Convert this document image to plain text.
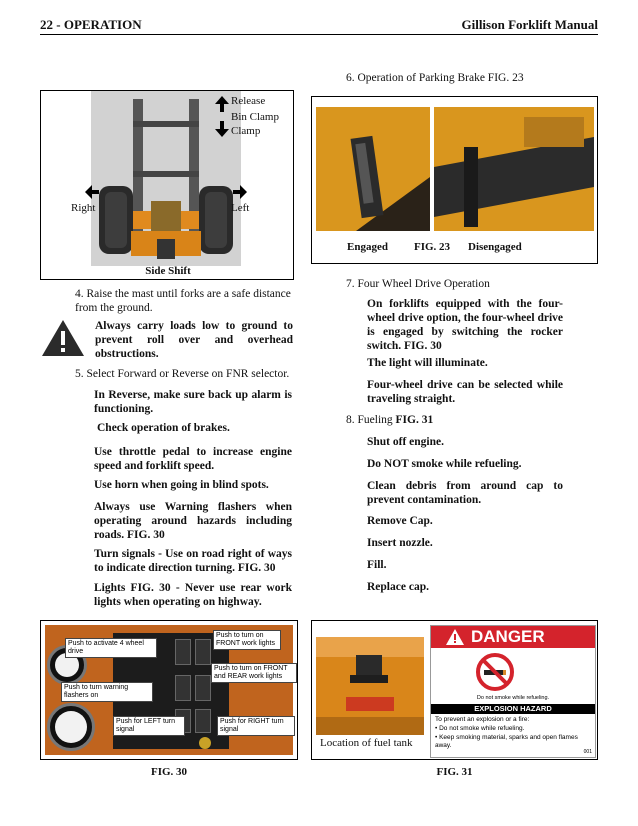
22 - OPERATION	Gillison Forklift Manual
Release
Bin Clamp
Clamp
Right	Left
Side Shift
4. Raise the mast until forks are a safe distance from the ground.
Always carry loads low to ground to prevent roll over and overhead obstructions.
5. Select Forward or Reverse on FNR selector.
In Reverse, make sure back up alarm is functioning.
Check operation of brakes.
Use throttle pedal to increase engine speed and forklift speed.
Use horn when going in blind spots.
Always use Warning flashers when operating around hazards including roads. FIG. 30
Turn signals - Use on road right of ways to indicate direction turning. FIG. 30
Lights FIG. 30 - Never use rear work lights when operating on highway.
Push to activate 4 wheel drive
Push to turn on FRONT work lights
Push to turn on FRONT and REAR work lights
Push to turn warning flashers on
Push for LEFT turn signal
Push for RIGHT turn signal
FIG. 30
6. Operation of Parking Brake FIG. 23
Engaged FIG. 23 Disengaged
7. Four Wheel Drive Operation
On forklifts equipped with the four-wheel drive option, the four-wheel drive is engaged by switching the rocker switch. FIG. 30
The light will illuminate.
Four-wheel drive can be selected while traveling straight.
8. Fueling FIG. 31
Shut off engine.
Do NOT smoke while refueling.
Clean debris from around cap to prevent contamination.
Remove Cap.
Insert nozzle.
Fill.
Replace cap.
Location of fuel tank
DANGER
Do not smoke while refueling.
EXPLOSION HAZARD
To prevent an explosion or a fire:
• Do not smoke while refueling.
• Keep smoking material, sparks and open flames away.
001
FIG. 31
